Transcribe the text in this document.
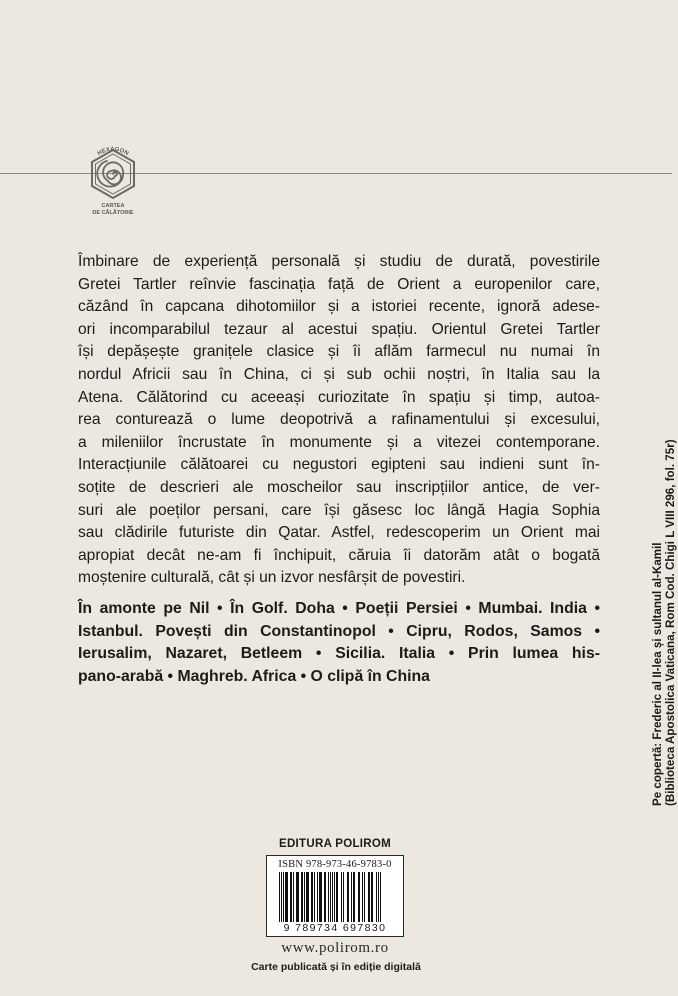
HEXAGON
CARTEA
DE CĂLĂTORIE
Îmbinare de experiență personală și studiu de durată, povestirile
Gretei Tartler reînvie fascinația față de Orient a europenilor care,
căzând în capcana dihotomiilor și a istoriei recente, ignoră adese-
ori incomparabilul tezaur al acestui spațiu. Orientul Gretei Tartler
își depășește granițele clasice și îi aflăm farmecul nu numai în
nordul Africii sau în China, ci și sub ochii noștri, în Italia sau la
Atena. Călătorind cu aceeași curiozitate în spațiu și timp, autoa-
rea conturează o lume deopotrivă a rafinamentului și excesului,
a mileniilor încrustate în monumente și a vitezei contemporane.
Interacțiunile călătoarei cu negustori egipteni sau indieni sunt în-
soțite de descrieri ale moscheilor sau inscripțiilor antice, de ver-
suri ale poeților persani, care își găsesc loc lângă Hagia Sophia
sau clădirile futuriste din Qatar. Astfel, redescoperim un Orient mai
apropiat decât ne-am fi închipuit, căruia îi datorăm atât o bogată
moștenire culturală, cât și un izvor nesfârșit de povestiri.
În amonte pe Nil • În Golf. Doha • Poeții Persiei • Mumbai. India •
Istanbul. Povești din Constantinopol • Cipru, Rodos, Samos •
Ierusalim, Nazaret, Betleem • Sicilia. Italia • Prin lumea his-
pano-arabă • Maghreb. Africa • O clipă în China
EDITURA POLIROM
ISBN 978-973-46-9783-0
9 789734 697830
www.polirom.ro
Carte publicată și în ediție digitală
Pe copertă: Frederic al II-lea și sultanul al-Kamil (Biblioteca Apostolica Vaticana, Rom Cod. Chigi L VIII 296, fol. 75r)
